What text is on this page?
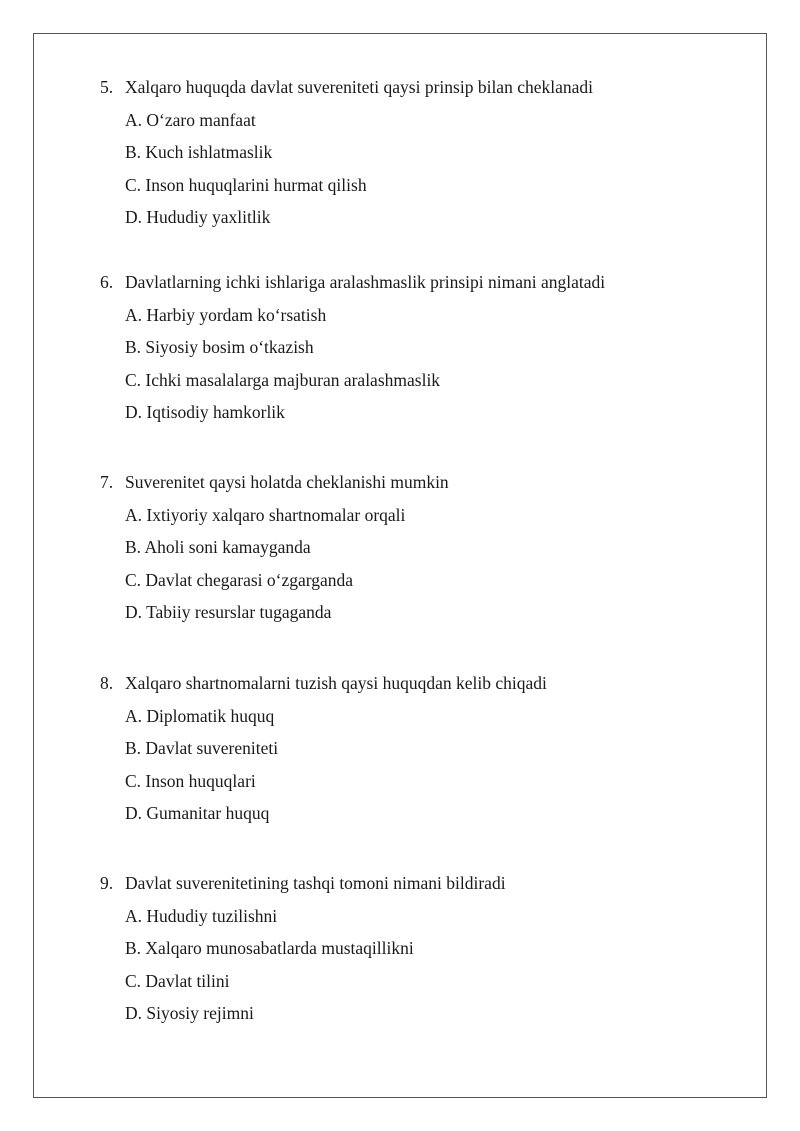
5. Xalqaro huquqda davlat suvereniteti qaysi prinsip bilan cheklanadi
A. O‘zaro manfaat
B. Kuch ishlatmaslik
C. Inson huquqlarini hurmat qilish
D. Hududiy yaxlitlik
6. Davlatlarning ichki ishlariga aralashmaslik prinsipi nimani anglatadi
A. Harbiy yordam ko‘rsatish
B. Siyosiy bosim o‘tkazish
C. Ichki masalalarga majburan aralashmaslik
D. Iqtisodiy hamkorlik
7. Suverenitet qaysi holatda cheklanishi mumkin
A. Ixtiyoriy xalqaro shartnomalar orqali
B. Aholi soni kamayganda
C. Davlat chegarasi o‘zgarganda
D. Tabiiy resurslar tugaganda
8. Xalqaro shartnomalarni tuzish qaysi huquqdan kelib chiqadi
A. Diplomatik huquq
B. Davlat suvereniteti
C. Inson huquqlari
D. Gumanitar huquq
9. Davlat suverenitetining tashqi tomoni nimani bildiradi
A. Hududiy tuzilishni
B. Xalqaro munosabatlarda mustaqillikni
C. Davlat tilini
D. Siyosiy rejimni
